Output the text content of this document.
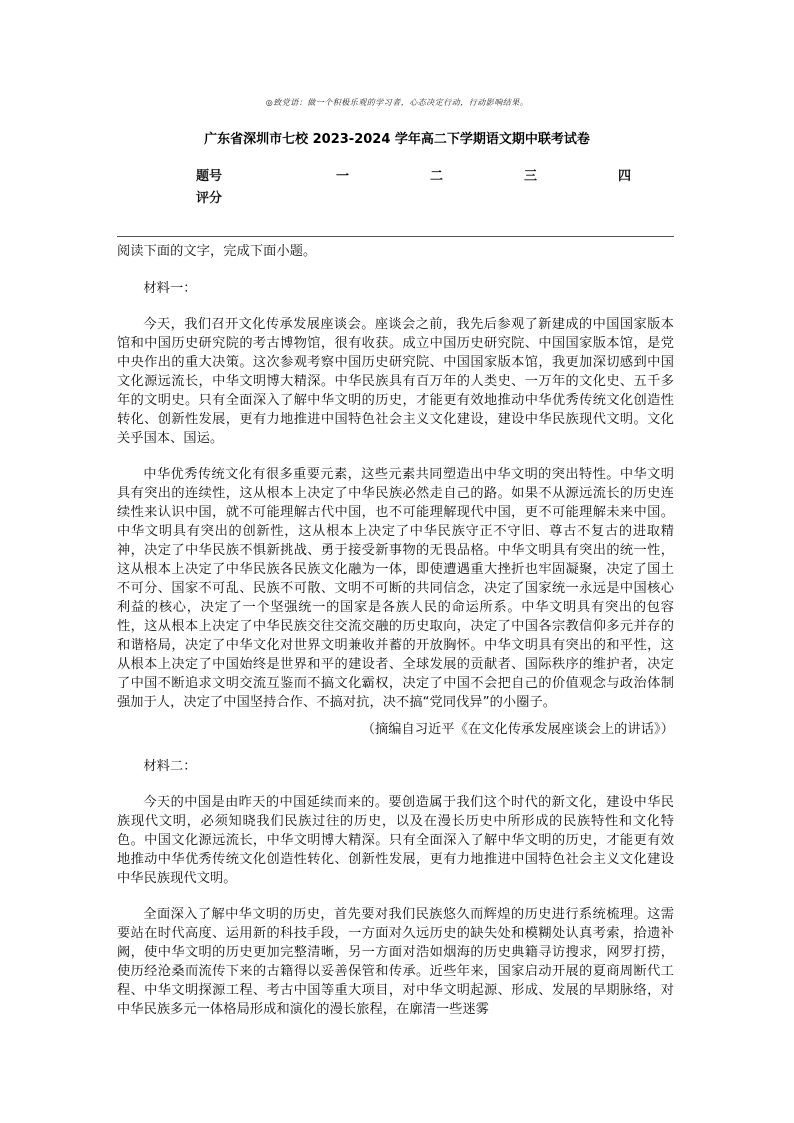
◎致党语：做一个积极乐观的学习者，心态决定行动，行动影响结果。
广东省深圳市七校 2023-2024 学年高二下学期语文期中联考试卷
题号	一	二	三	四
评分

阅读下面的文字，完成下面小题。

材料一：

今天，我们召开文化传承发展座谈会。座谈会之前，我先后参观了新建成的中国国家版本馆和中国历史研究院的考古博物馆，很有收获。成立中国历史研究院、中国国家版本馆，是党中央作出的重大决策。这次参观考察中国历史研究院、中国国家版本馆，我更加深切感到中国文化源远流长，中华文明博大精深。中华民族具有百万年的人类史、一万年的文化史、五千多年的文明史。只有全面深入了解中华文明的历史，才能更有效地推动中华优秀传统文化创造性转化、创新性发展，更有力地推进中国特色社会主义文化建设，建设中华民族现代文明。文化关乎国本、国运。

中华优秀传统文化有很多重要元素，这些元素共同塑造出中华文明的突出特性。中华文明具有突出的连续性，这从根本上决定了中华民族必然走自己的路。如果不从源远流长的历史连续性来认识中国，就不可能理解古代中国，也不可能理解现代中国，更不可能理解未来中国。中华文明具有突出的创新性，这从根本上决定了中华民族守正不守旧、尊古不复古的进取精神，决定了中华民族不惧新挑战、勇于接受新事物的无畏品格。中华文明具有突出的统一性，这从根本上决定了中华民族各民族文化融为一体，即使遭遇重大挫折也牢固凝聚，决定了国土不可分、国家不可乱、民族不可散、文明不可断的共同信念，决定了国家统一永远是中国核心利益的核心，决定了一个坚强统一的国家是各族人民的命运所系。中华文明具有突出的包容性，这从根本上决定了中华民族交往交流交融的历史取向，决定了中国各宗教信仰多元并存的和谐格局，决定了中华文化对世界文明兼收并蓄的开放胸怀。中华文明具有突出的和平性，这从根本上决定了中国始终是世界和平的建设者、全球发展的贡献者、国际秩序的维护者，决定了中国不断追求文明交流互鉴而不搞文化霸权，决定了中国不会把自己的价值观念与政治体制强加于人，决定了中国坚持合作、不搞对抗，决不搞“党同伐异”的小圈子。

（摘编自习近平《在文化传承发展座谈会上的讲话》）

材料二：

今天的中国是由昨天的中国延续而来的。要创造属于我们这个时代的新文化，建设中华民族现代文明，必须知晓我们民族过往的历史，以及在漫长历史中所形成的民族特性和文化特色。中国文化源远流长，中华文明博大精深。只有全面深入了解中华文明的历史，才能更有效地推动中华优秀传统文化创造性转化、创新性发展，更有力地推进中国特色社会主义文化建设中华民族现代文明。

全面深入了解中华文明的历史，首先要对我们民族悠久而辉煌的历史进行系统梳理。这需要站在时代高度、运用新的科技手段，一方面对久远历史的缺失处和模糊处认真考索，拾遗补阙，使中华文明的历史更加完整清晰，另一方面对浩如烟海的历史典籍寻访搜求，网罗打捞，使历经沧桑而流传下来的古籍得以妥善保管和传承。近些年来，国家启动开展的夏商周断代工程、中华文明探源工程、考古中国等重大项目，对中华文明起源、形成、发展的早期脉络，对中华民族多元一体格局形成和演化的漫长旅程，在廓清一些迷雾
